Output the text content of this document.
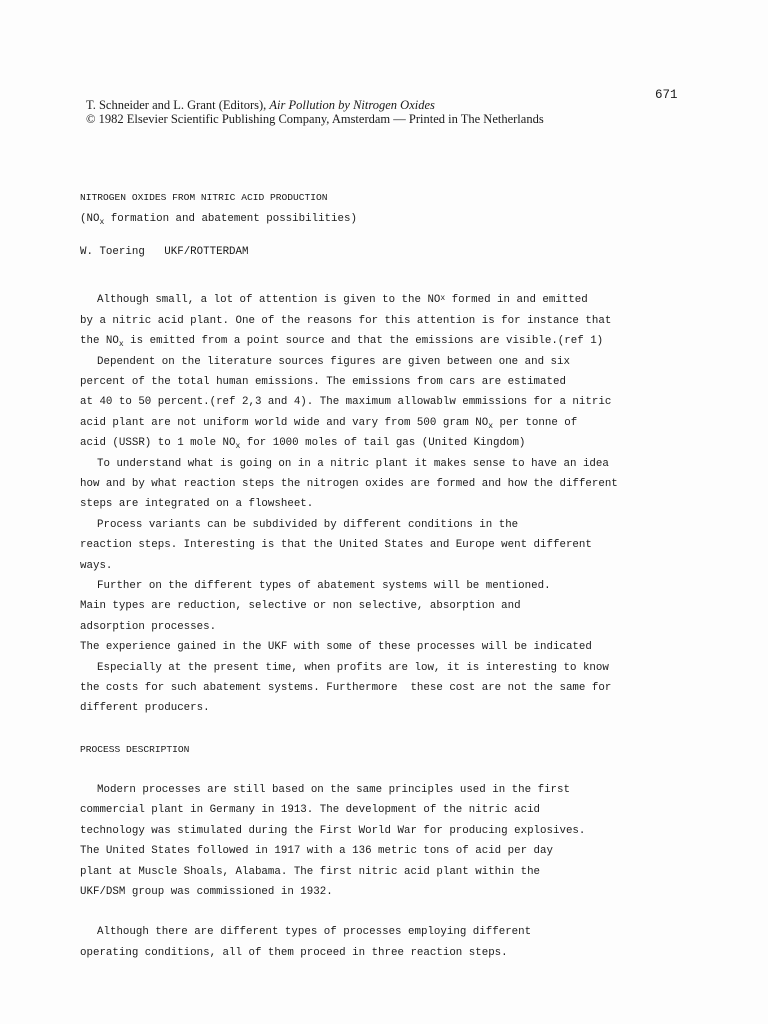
671
T. Schneider and L. Grant (Editors), Air Pollution by Nitrogen Oxides
© 1982 Elsevier Scientific Publishing Company, Amsterdam — Printed in The Netherlands
NITROGEN OXIDES FROM NITRIC ACID PRODUCTION
($NO_x$ formation and abatement possibilities)
W. Toering UKF/ROTTERDAM
Although small, a lot of attention is given to the NO x formed in and emitted
by a nitric acid plant. One of the reasons for this attention is for instance that
the $NO_x$ is emitted from a point source and that the emissions are visible.(ref 1)
Dependent on the literature sources figures are given between one and six
percent of the total human emissions. The emissions from cars are estimated
at 40 to 50 percent.(ref 2,3 and 4). The maximum allowablw emmissions for a nitric
acid plant are not uniform world wide and vary from 500 gram $NO_x$ per tonne of
acid (USSR) to 1 mole $NO_x$ for 1000 moles of tail gas (United Kingdom)
To understand what is going on in a nitric plant it makes sense to have an idea
how and by what reaction steps the nitrogen oxides are formed and how the different
steps are integrated on a flowsheet.
Process variants can be subdivided by different conditions in the
reaction steps. Interesting is that the United States and Europe went different
ways.
Further on the different types of abatement systems will be mentioned.
Main types are reduction, selective or non selective, absorption and
adsorption processes.
The experience gained in the UKF with some of these processes will be indicated
Especially at the present time, when profits are low, it is interesting to know
the costs for such abatement systems. Furthermore  these cost are not the same for
different producers.
PROCESS DESCRIPTION
Modern processes are still based on the same principles used in the first
commercial plant in Germany in 1913. The development of the nitric acid
technology was stimulated during the First World War for producing explosives.
The United States followed in 1917 with a 136 metric tons of acid per day
plant at Muscle Shoals, Alabama. The first nitric acid plant within the
UKF/DSM group was commissioned in 1932.
Although there are different types of processes employing different
operating conditions, all of them proceed in three reaction steps.
